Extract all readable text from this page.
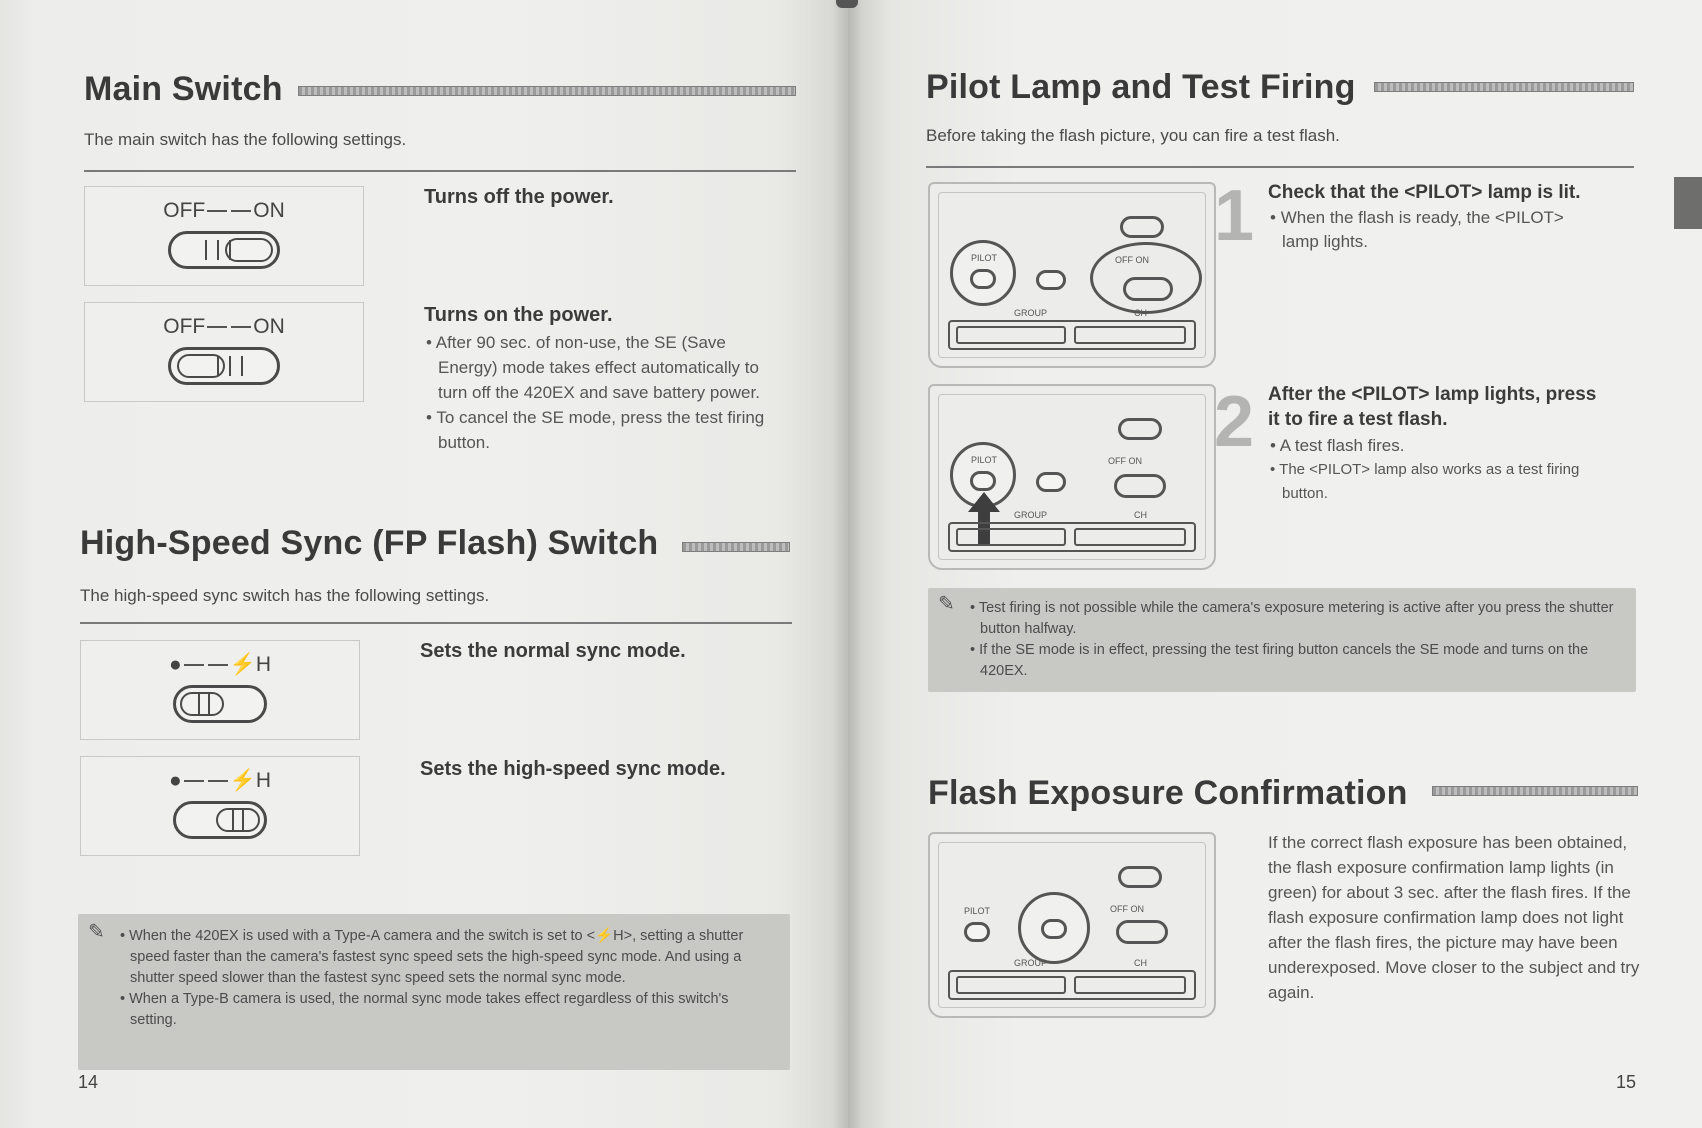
Main Switch

The main switch has the following settings.

OFF ON

Turns off the power.

OFF ON	Turns on the power.

• After 90 sec. of non-use, the SE (Save Energy) mode takes effect automatically to turn off the 420EX and save battery power.
• To cancel the SE mode, press the test firing button.
High-Speed Sync (FP Flash) Switch

The high-speed sync switch has the following settings.

● ⚡H

Sets the normal sync mode.

● ⚡H	Sets the high-speed sync mode.

✎ • When the 420EX is used with a Type-A camera and the switch is set to <⚡H>, setting a shutter speed faster than the camera's fastest sync speed sets the high-speed sync mode. And using a shutter speed slower than the fastest sync speed sets the normal sync mode.
• When a Type-B camera is used, the normal sync mode takes effect regardless of this switch's setting.
14
Pilot Lamp and Test Firing

Before taking the flash picture, you can fire a test flash.

PILOT	OFF ON
GROUP	CH
1 Check that the <PILOT> lamp is lit.

• When the flash is ready, the <PILOT> lamp lights.
PILOT	OFF ON
GROUP	CH
2 After the <PILOT> lamp lights, press it to fire a test flash.

• A test flash fires.
• The <PILOT> lamp also works as a test firing button.
✎ • Test firing is not possible while the camera's exposure metering is active after you press the shutter button halfway.
• If the SE mode is in effect, pressing the test firing button cancels the SE mode and turns on the 420EX.
Flash Exposure Confirmation
PILOT	OFF ON
GROUP	CH

If the correct flash exposure has been obtained, the flash exposure confirmation lamp lights (in green) for about 3 sec. after the flash fires. If the flash exposure confirmation lamp does not light after the flash fires, the picture may have been underexposed. Move closer to the subject and try again.

15
